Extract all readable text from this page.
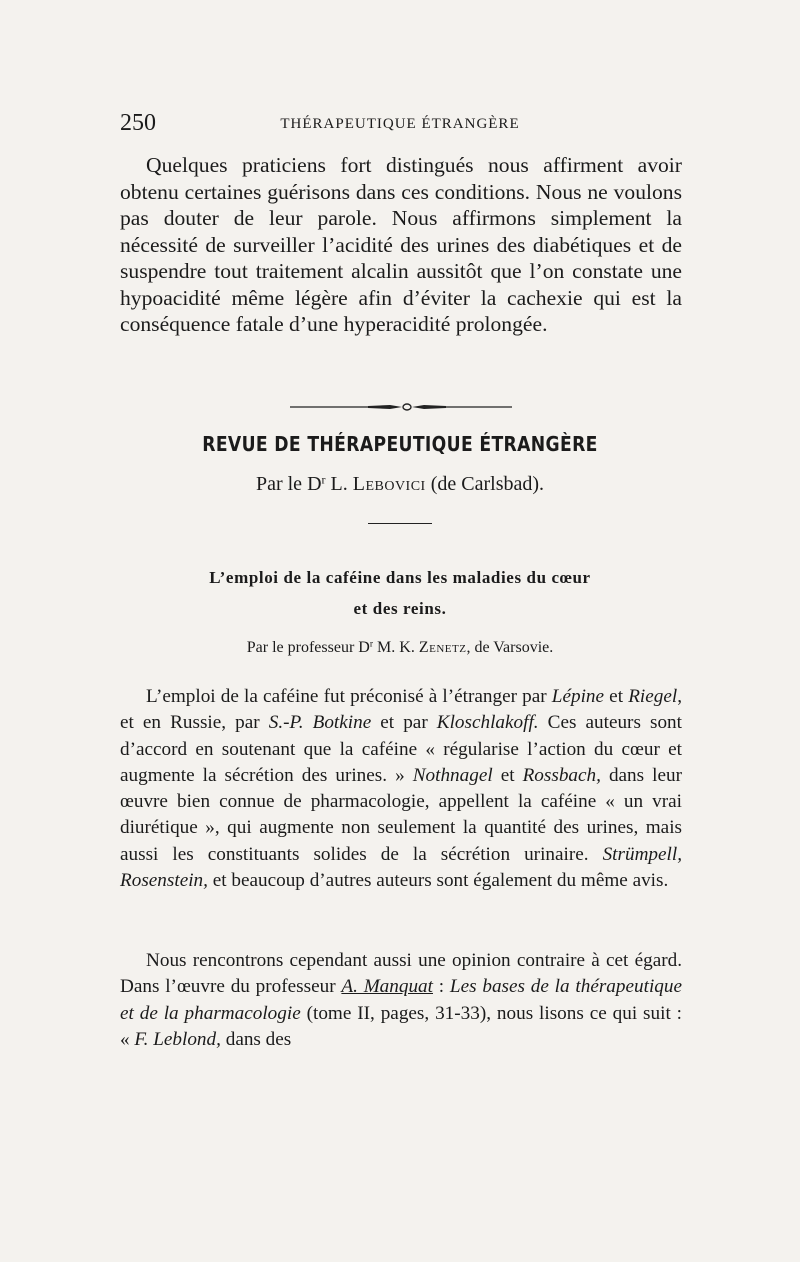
250	THÉRAPEUTIQUE ÉTRANGÈRE

Quelques praticiens fort distingués nous affirment avoir obtenu certaines guérisons dans ces conditions. Nous ne voulons pas douter de leur parole. Nous affirmons simplement la nécessité de surveiller l’acidité des urines des diabétiques et de suspendre tout traitement alcalin aussitôt que l’on constate une hypoacidité même légère afin d’éviter la cachexie qui est la conséquence fatale d’une hyperacidité prolongée.

REVUE DE THÉRAPEUTIQUE ÉTRANGÈRE
Par le $D^r$ L. Lebovici (de Carlsbad).
L’emploi de la caféine dans les maladies du cœur
et des reins.
Par le professeur $D^r$ M. K. Zenetz, de Varsovie.

L’emploi de la caféine fut préconisé à l’étranger par Lépine et Riegel, et en Russie, par S.-P. Botkine et par Kloschlakoff. Ces auteurs sont d’accord en soutenant que la caféine « régularise l’action du cœur et augmente la sécrétion des urines. » Nothnagel et Rossbach, dans leur œuvre bien connue de pharmacologie, appellent la caféine « un vrai diurétique », qui augmente non seulement la quantité des urines, mais aussi les constituants solides de la sécrétion urinaire. Strümpell, Rosenstein, et beaucoup d’autres auteurs sont également du même avis.

Nous rencontrons cependant aussi une opinion contraire à cet égard. Dans l’œuvre du professeur A. Manquat : Les bases de la thérapeutique et de la pharmacologie (tome II, pages, 31-33), nous lisons ce qui suit : « F. Leblond, dans des
